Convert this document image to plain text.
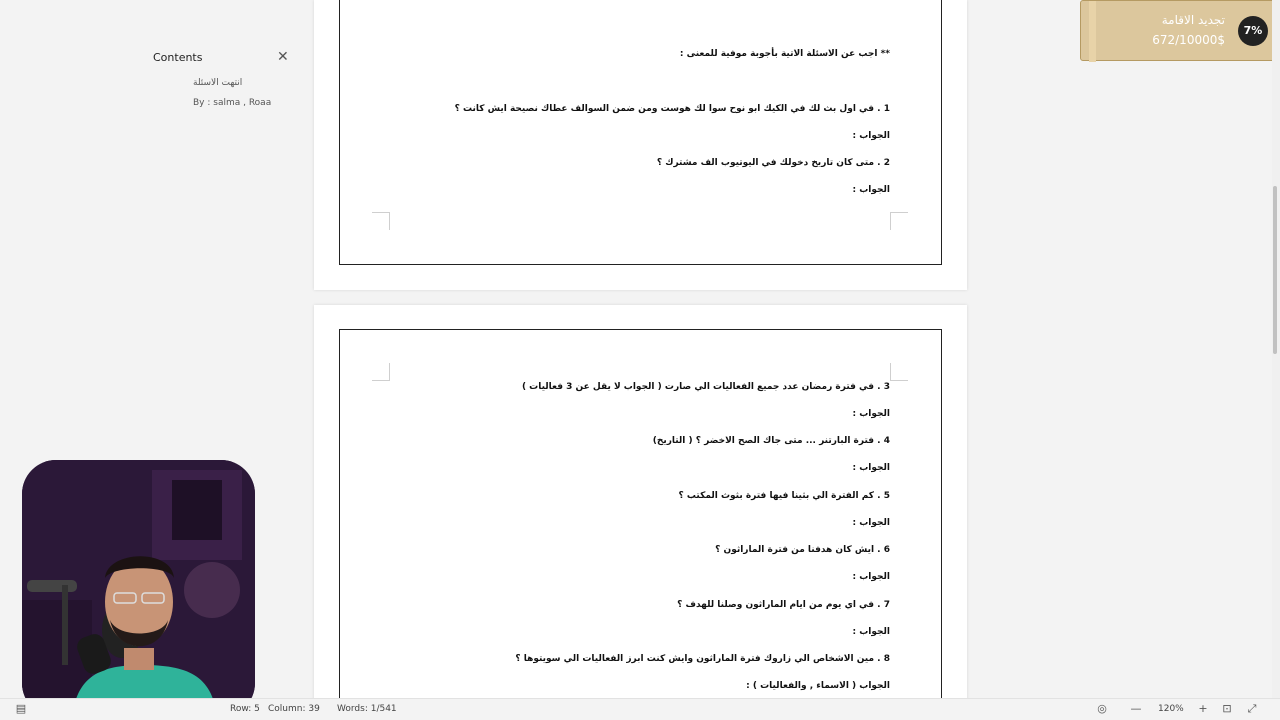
Contents	✕
انتهت الاسئلة
By : salma , Roaa
** اجب عن الاسئلة الاتية بأجوبة موفية للمعنى :
1 . في اول بث لك في الكيك ابو نوح سوا لك هوست ومن ضمن السوالف عطاك نصيحة ايش كانت ؟
الجواب :
2 . متى كان تاريخ دخولك في اليوتيوب الف مشترك ؟
الجواب :
3 . في فترة رمضان عدد جميع الفعاليات الي صارت ( الجواب لا يقل عن 3 فعاليات )
الجواب :
4 . فترة البارتنر ... متى جاك الصح الاخضر ؟ ( التاريخ)
الجواب :
5 . كم الفترة الي بثينا فيها فترة بثوث المكتب ؟
الجواب :
6 . ايش كان هدفنا من فترة الماراثون ؟
الجواب :
7 . في اي يوم من ايام الماراثون وصلنا للهدف ؟
الجواب :
8 . مين الاشخاص الي زاروك فترة الماراثون وايش كنت ابرز الفعاليات الي سويتوها ؟
الجواب ( الاسماء , والفعاليات ) :
تجديد الاقامة
672/10000$
7%
▤	Row: 5 Column: 39 Words: 1/541	◎ — 120% + ⊡ ⤢
